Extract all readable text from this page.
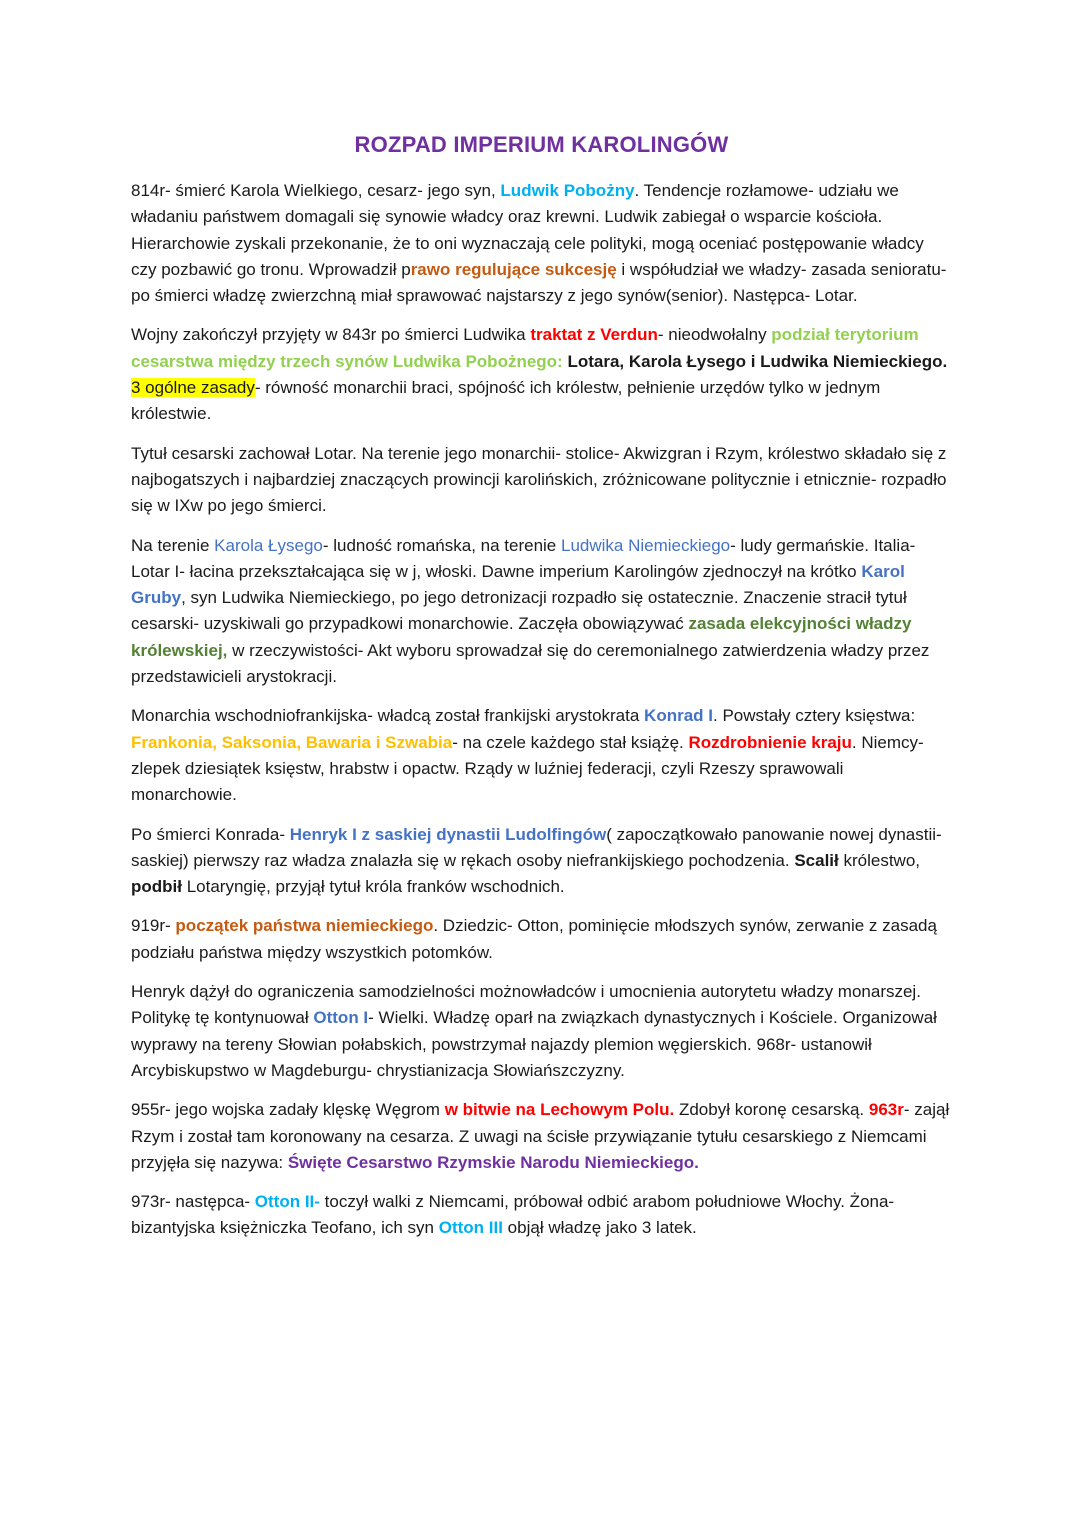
ROZPAD IMPERIUM KAROLINGÓW

814r- śmierć Karola Wielkiego, cesarz- jego syn, Ludwik Pobożny. Tendencje rozłamowe- udziału we władaniu państwem domagali się synowie władcy oraz krewni. Ludwik zabiegał o wsparcie kościoła. Hierarchowie zyskali przekonanie, że to oni wyznaczają cele polityki, mogą oceniać postępowanie władcy czy pozbawić go tronu. Wprowadził prawo regulujące sukcesję i współudział we władzy- zasada senioratu- po śmierci władzę zwierzchną miał sprawować najstarszy z jego synów(senior). Następca- Lotar.

Wojny zakończył przyjęty w 843r po śmierci Ludwika traktat z Verdun- nieodwołalny podział terytorium cesarstwa między trzech synów Ludwika Pobożnego: Lotara, Karola Łysego i Ludwika Niemieckiego. 3 ogólne zasady- równość monarchii braci, spójność ich królestw, pełnienie urzędów tylko w jednym królestwie.

Tytuł cesarski zachował Lotar. Na terenie jego monarchii- stolice- Akwizgran i Rzym, królestwo składało się z najbogatszych i najbardziej znaczących prowincji karolińskich, zróżnicowane politycznie i etnicznie- rozpadło się w IXw po jego śmierci.

Na terenie Karola Łysego- ludność romańska, na terenie Ludwika Niemieckiego- ludy germańskie. Italia- Lotar I- łacina przekształcająca się w j, włoski. Dawne imperium Karolingów zjednoczył na krótko Karol Gruby, syn Ludwika Niemieckiego, po jego detronizacji rozpadło się ostatecznie. Znaczenie stracił tytuł cesarski- uzyskiwali go przypadkowi monarchowie. Zaczęła obowiązywać zasada elekcyjności władzy królewskiej, w rzeczywistości- Akt wyboru sprowadzał się do ceremonialnego zatwierdzenia władzy przez przedstawicieli arystokracji.

Monarchia wschodniofrankijska- władcą został frankijski arystokrata Konrad I. Powstały cztery księstwa: Frankonia, Saksonia, Bawaria i Szwabia- na czele każdego stał książę. Rozdrobnienie kraju. Niemcy- zlepek dziesiątek księstw, hrabstw i opactw. Rządy w luźniej federacji, czyli Rzeszy sprawowali monarchowie.

Po śmierci Konrada- Henryk I z saskiej dynastii Ludolfingów( zapoczątkowało panowanie nowej dynastii- saskiej) pierwszy raz władza znalazła się w rękach osoby niefrankijskiego pochodzenia. Scalił królestwo, podbił Lotaryngię, przyjął tytuł króla franków wschodnich.

919r- początek państwa niemieckiego. Dziedzic- Otton, pominięcie młodszych synów, zerwanie z zasadą podziału państwa między wszystkich potomków.

Henryk dążył do ograniczenia samodzielności możnowładców i umocnienia autorytetu władzy monarszej. Politykę tę kontynuował Otton I- Wielki. Władzę oparł na związkach dynastycznych i Kościele. Organizował wyprawy na tereny Słowian połabskich, powstrzymał najazdy plemion węgierskich. 968r- ustanowił Arcybiskupstwo w Magdeburgu- chrystianizacja Słowiańszczyzny.

955r- jego wojska zadały klęskę Węgrom w bitwie na Lechowym Polu. Zdobył koronę cesarską. 963r- zajął Rzym i został tam koronowany na cesarza. Z uwagi na ścisłe przywiązanie tytułu cesarskiego z Niemcami przyjęła się nazywa: Święte Cesarstwo Rzymskie Narodu Niemieckiego.

973r- następca- Otton II- toczył walki z Niemcami, próbował odbić arabom południowe Włochy. Żona-bizantyjska księżniczka Teofano, ich syn Otton III objął władzę jako 3 latek.
